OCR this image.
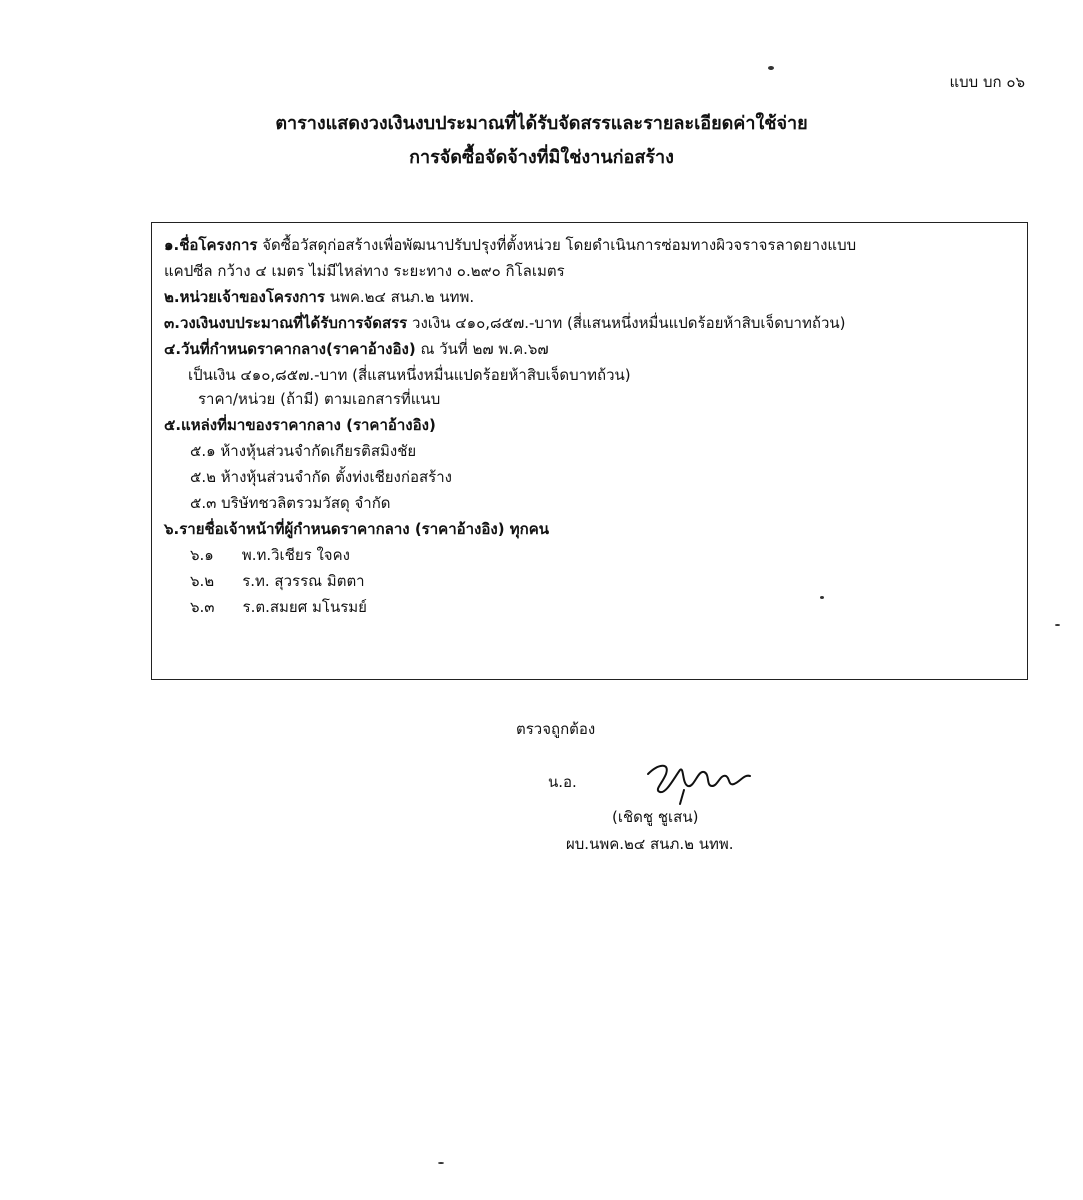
แบบ บก ๐๖
ตารางแสดงวงเงินงบประมาณที่ได้รับจัดสรรและรายละเอียดค่าใช้จ่าย
การจัดซื้อจัดจ้างที่มิใช่งานก่อสร้าง
๑.ชื่อโครงการ จัดซื้อวัสดุก่อสร้างเพื่อพัฒนาปรับปรุงที่ตั้งหน่วย โดยดำเนินการซ่อมทางผิวจราจรลาดยางแบบ
แคปซีล กว้าง ๔ เมตร ไม่มีไหล่ทาง ระยะทาง ๐.๒๙๐ กิโลเมตร
๒.หน่วยเจ้าของโครงการ นพค.๒๔ สนภ.๒ นทพ.
๓.วงเงินงบประมาณที่ได้รับการจัดสรร วงเงิน ๔๑๐,๘๕๗.-บาท (สี่แสนหนึ่งหมื่นแปดร้อยห้าสิบเจ็ดบาทถ้วน)
๔.วันที่กำหนดราคากลาง(ราคาอ้างอิง) ณ วันที่ ๒๗ พ.ค.๖๗
เป็นเงิน ๔๑๐,๘๕๗.-บาท (สี่แสนหนึ่งหมื่นแปดร้อยห้าสิบเจ็ดบาทถ้วน)
ราคา/หน่วย (ถ้ามี) ตามเอกสารที่แนบ
๕.แหล่งที่มาของราคากลาง (ราคาอ้างอิง)
๕.๑ ห้างหุ้นส่วนจำกัดเกียรติสมิงชัย
๕.๒ ห้างหุ้นส่วนจำกัด ตั้งท่งเชียงก่อสร้าง
๕.๓ บริษัทชวลิตรวมวัสดุ จำกัด
๖.รายชื่อเจ้าหน้าที่ผู้กำหนดราคากลาง (ราคาอ้างอิง) ทุกคน
๖.๑ พ.ท.วิเชียร ใจคง
๖.๒ ร.ท. สุวรรณ มิตตา
๖.๓ ร.ต.สมยศ มโนรมย์
ตรวจถูกต้อง
น.อ.
(เชิดชู ชูเสน)
ผบ.นพค.๒๔ สนภ.๒ นทพ.
